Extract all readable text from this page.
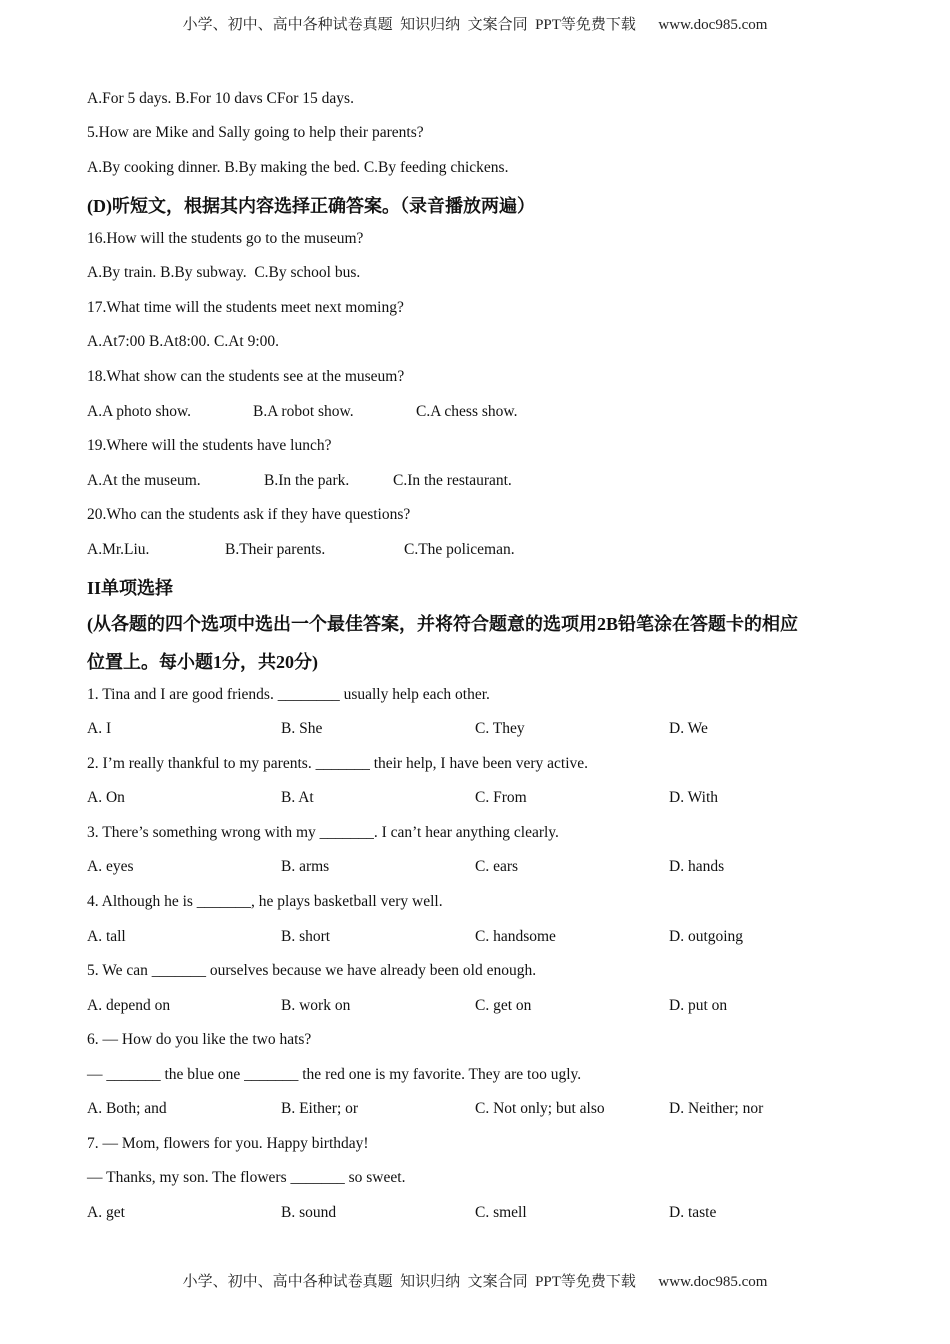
小学、初中、高中各种试卷真题  知识归纳  文案合同  PPT等免费下载      www.doc985.com
A.For 5 days. B.For 10 davs CFor 15 days.
5.How are Mike and Sally going to help their parents?
A.By cooking dinner. B.By making the bed. C.By feeding chickens.
(D)听短文，根据其内容选择正确答案。（录音播放两遍）
16.How will the students go to the museum?
A.By train. B.By subway.  C.By school bus.
17.What time will the students meet next moming?
A.At7:00 B.At8:00. C.At 9:00.
18.What show can the students see at the museum?
A.A photo show.	B.A robot show.	C.A chess show.
19.Where will the students have lunch?
A.At the museum.	B.In the park.	C.In the restaurant.
20.Who can the students ask if they have questions?
A.Mr.Liu.	B.Their parents.	C.The policeman.
II单项选择
(从各题的四个选项中选出一个最佳答案，并将符合题意的选项用2B铅笔涂在答题卡的相应
位置上。每小题1分，共20分)
1. Tina and I are good friends. ________ usually help each other.
A. I	B. She	C. They	D. We
2. I’m really thankful to my parents. _______ their help, I have been very active.
A. On	B. At	C. From	D. With
3. There’s something wrong with my _______. I can’t hear anything clearly.
A. eyes	B. arms	C. ears	D. hands
4. Although he is _______, he plays basketball very well.
A. tall	B. short	C. handsome	D. outgoing
5. We can _______ ourselves because we have already been old enough.
A. depend on	B. work on	C. get on	D. put on
6. — How do you like the two hats?
— _______ the blue one _______ the red one is my favorite. They are too ugly.
A. Both; and	B. Either; or	C. Not only; but also	D. Neither; nor
7. — Mom, flowers for you. Happy birthday!
— Thanks, my son. The flowers _______ so sweet.
A. get	B. sound	C. smell	D. taste
小学、初中、高中各种试卷真题  知识归纳  文案合同  PPT等免费下载      www.doc985.com
